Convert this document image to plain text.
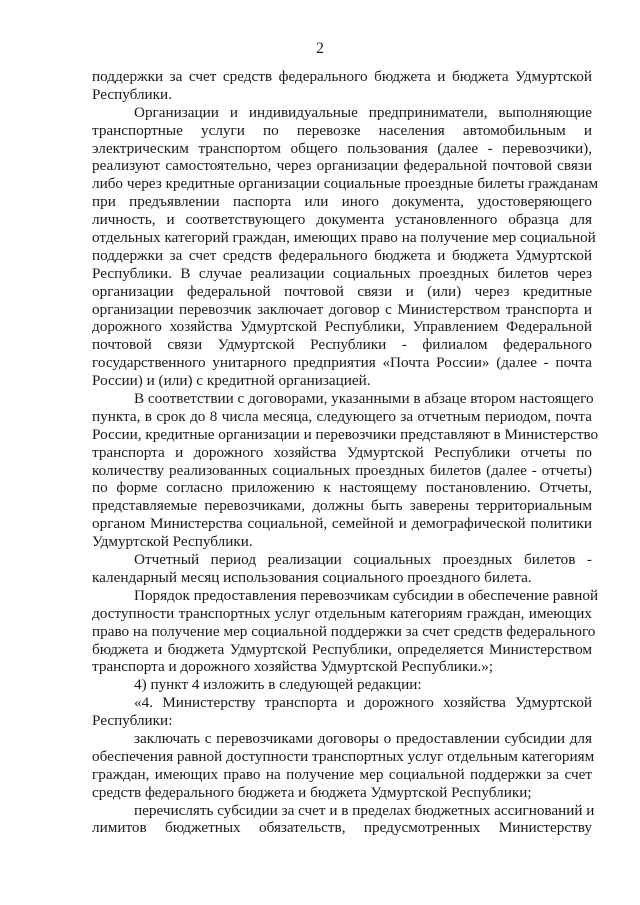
2
поддержки за счет средств федерального бюджета и бюджета Удмуртской
Республики.
Организации и индивидуальные предприниматели, выполняющие
транспортные услуги по перевозке населения автомобильным и
электрическим транспортом общего пользования (далее - перевозчики),
реализуют самостоятельно, через организации федеральной почтовой связи
либо через кредитные организации социальные проездные билеты гражданам
при предъявлении паспорта или иного документа, удостоверяющего
личность, и соответствующего документа установленного образца для
отдельных категорий граждан, имеющих право на получение мер социальной
поддержки за счет средств федерального бюджета и бюджета Удмуртской
Республики. В случае реализации социальных проездных билетов через
организации федеральной почтовой связи и (или) через кредитные
организации перевозчик заключает договор с Министерством транспорта и
дорожного хозяйства Удмуртской Республики, Управлением Федеральной
почтовой связи Удмуртской Республики - филиалом федерального
государственного унитарного предприятия «Почта России» (далее - почта
России) и (или) с кредитной организацией.
В соответствии с договорами, указанными в абзаце втором настоящего
пункта, в срок до 8 числа месяца, следующего за отчетным периодом, почта
России, кредитные организации и перевозчики представляют в Министерство
транспорта и дорожного хозяйства Удмуртской Республики отчеты по
количеству реализованных социальных проездных билетов (далее - отчеты)
по форме согласно приложению к настоящему постановлению. Отчеты,
представляемые перевозчиками, должны быть заверены территориальным
органом Министерства социальной, семейной и демографической политики
Удмуртской Республики.
Отчетный период реализации социальных проездных билетов -
календарный месяц использования социального проездного билета.
Порядок предоставления перевозчикам субсидии в обеспечение равной
доступности транспортных услуг отдельным категориям граждан, имеющих
право на получение мер социальной поддержки за счет средств федерального
бюджета и бюджета Удмуртской Республики, определяется Министерством
транспорта и дорожного хозяйства Удмуртской Республики.»;
4) пункт 4 изложить в следующей редакции:
«4. Министерству транспорта и дорожного хозяйства Удмуртской
Республики:
заключать с перевозчиками договоры о предоставлении субсидии для
обеспечения равной доступности транспортных услуг отдельным категориям
граждан, имеющих право на получение мер социальной поддержки за счет
средств федерального бюджета и бюджета Удмуртской Республики;
перечислять субсидии за счет и в пределах бюджетных ассигнований и
лимитов бюджетных обязательств, предусмотренных Министерству
